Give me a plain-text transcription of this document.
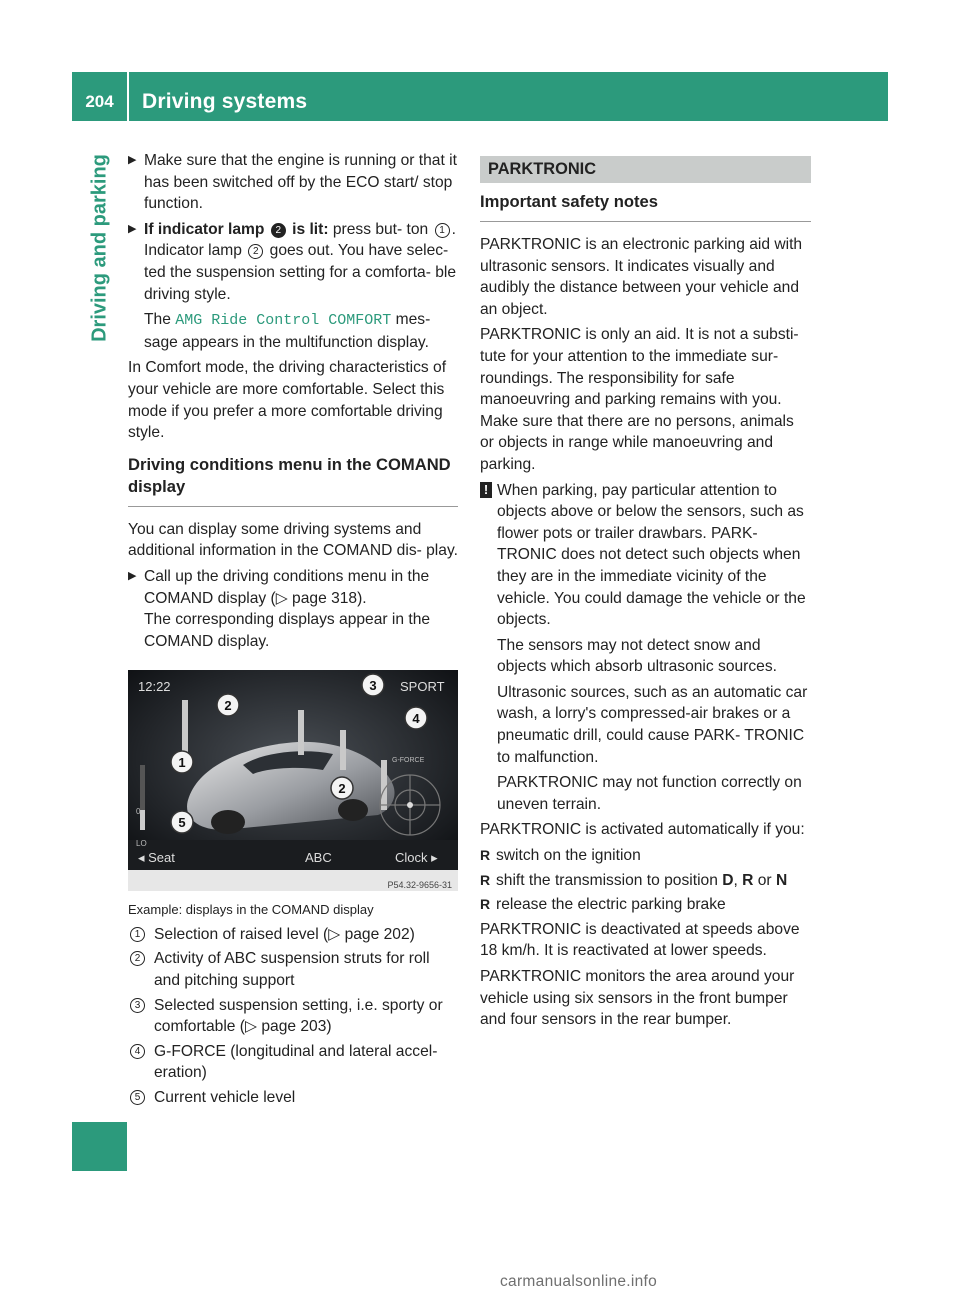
204	Driving systems
Driving and parking ▶ Make sure that the engine is running or that it has been switched off by the ECO start/ stop function.
▶ If indicator lamp 2 is lit: press but- ton 1 .

Indicator lamp 2 goes out. You have selec- ted the suspension setting for a comforta- ble driving style.

The AMG Ride Control COMFORT mes- sage appears in the multifunction display.

In Comfort mode, the driving characteristics of your vehicle are more comfortable. Select this mode if you prefer a more comfortable driving style.

Driving conditions menu in the COMAND display

You can display some driving systems and additional information in the COMAND dis- play.

▶ Call up the driving conditions menu in the COMAND display (▷ page 318).

The corresponding displays appear in the COMAND display.

2
1
3
4
2
5
12:22	SPORT
G-FORCE
0
LO
◂ Seat	ABC	Clock ▸
P54.32-9656-31
Example: displays in the COMAND display
1 Selection of raised level (▷ page 202)
2 Activity of ABC suspension struts for roll and pitching support
3 Selected suspension setting, i.e. sporty or comfortable (▷ page 203)
4 G-FORCE (longitudinal and lateral accel- eration)
5 Current vehicle level
PARKTRONIC
Important safety notes

PARKTRONIC is an electronic parking aid with ultrasonic sensors. It indicates visually and audibly the distance between your vehicle and an object.

PARKTRONIC is only an aid. It is not a substi- tute for your attention to the immediate sur- roundings. The responsibility for safe manoeuvring and parking remains with you. Make sure that there are no persons, animals or objects in range while manoeuvring and parking.

! When parking, pay particular attention to objects above or below the sensors, such as flower pots or trailer drawbars. PARK- TRONIC does not detect such objects when they are in the immediate vicinity of the vehicle. You could damage the vehicle or the objects.

The sensors may not detect snow and objects which absorb ultrasonic sources.

Ultrasonic sources, such as an automatic car wash, a lorry's compressed-air brakes or a pneumatic drill, could cause PARK- TRONIC to malfunction.

PARKTRONIC may not function correctly on uneven terrain.

PARKTRONIC is activated automatically if you:

R switch on the ignition
R shift the transmission to position D, R or N
R release the electric parking brake

PARKTRONIC is deactivated at speeds above 18 km/h. It is reactivated at lower speeds.

PARKTRONIC monitors the area around your vehicle using six sensors in the front bumper and four sensors in the rear bumper.

carmanualsonline.info
